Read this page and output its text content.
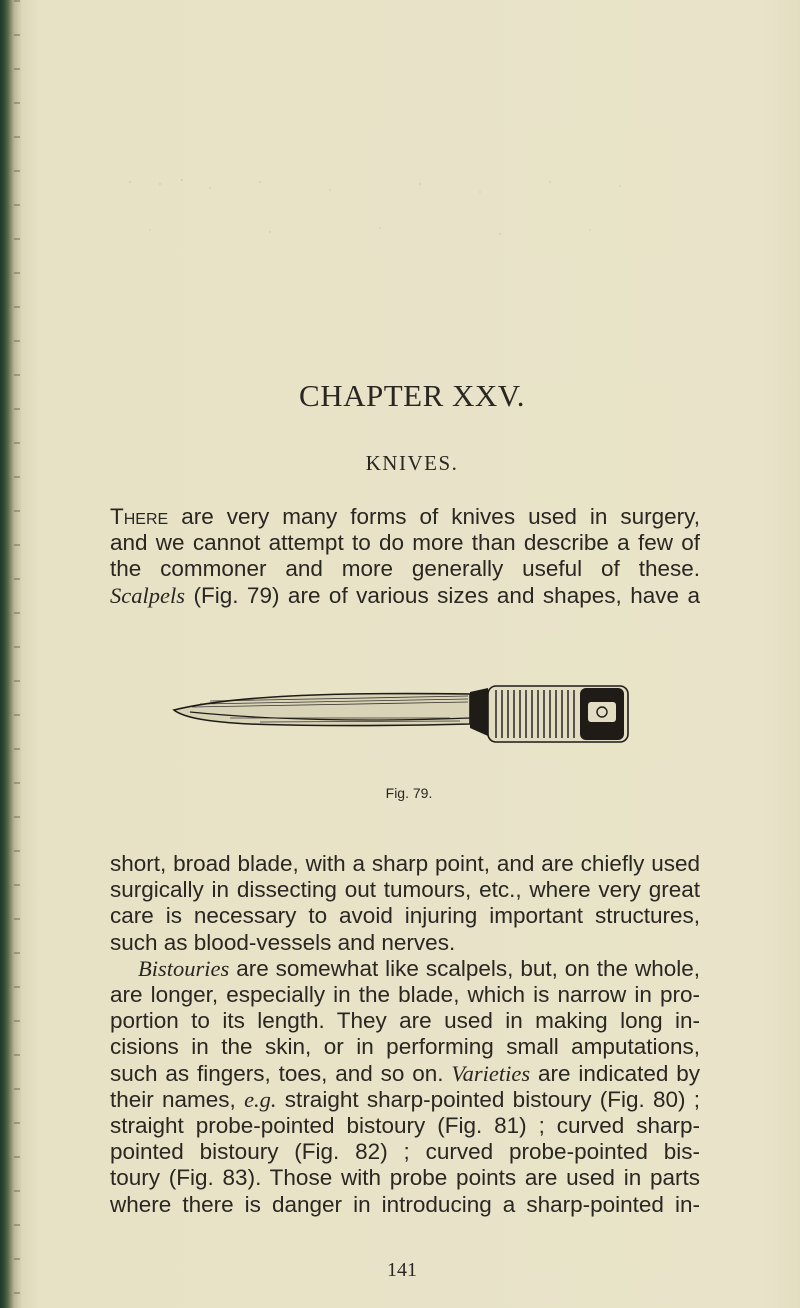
CHAPTER XXV.
KNIVES.
There are very many forms of knives used in surgery,
and we cannot attempt to do more than describe a few of
the commoner and more generally useful of these.
Scalpels (Fig. 79) are of various sizes and shapes, have a
Fig. 79.
short, broad blade, with a sharp point, and are chiefly used
surgically in dissecting out tumours, etc., where very great
care is necessary to avoid injuring important structures,
such as blood-vessels and nerves.
Bistouries are somewhat like scalpels, but, on the whole,
are longer, especially in the blade, which is narrow in pro-
portion to its length. They are used in making long in-
cisions in the skin, or in performing small amputations,
such as fingers, toes, and so on. Varieties are indicated by
their names, e.g. straight sharp-pointed bistoury (Fig. 80) ;
straight probe-pointed bistoury (Fig. 81) ; curved sharp-
pointed bistoury (Fig. 82) ; curved probe-pointed bis-
toury (Fig. 83). Those with probe points are used in parts
where there is danger in introducing a sharp-pointed in-
141
